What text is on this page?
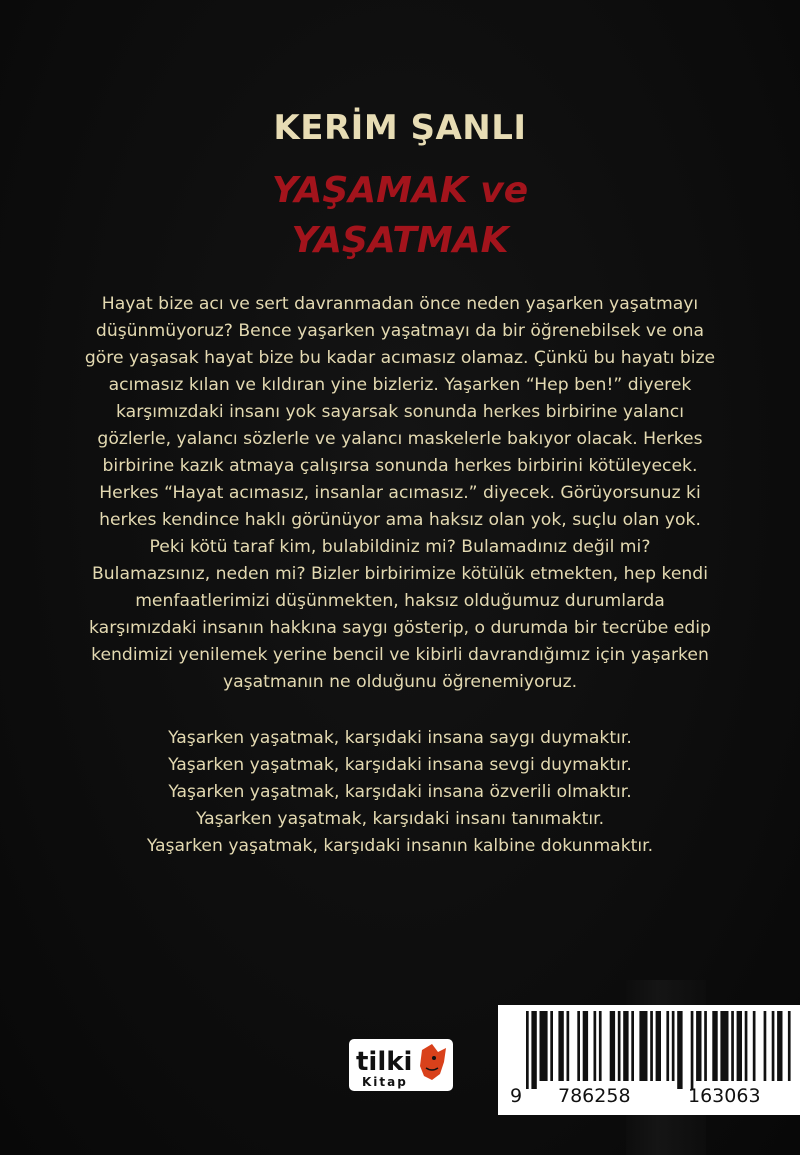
KERİM ŞANLI
YAŞAMAK ve
YAŞATMAK
Hayat bize acı ve sert davranmadan önce neden yaşarken yaşatmayı
düşünmüyoruz? Bence yaşarken yaşatmayı da bir öğrenebilsek ve ona
göre yaşasak hayat bize bu kadar acımasız olamaz. Çünkü bu hayatı bize
acımasız kılan ve kıldıran yine bizleriz. Yaşarken “Hep ben!” diyerek
karşımızdaki insanı yok sayarsak sonunda herkes birbirine yalancı
gözlerle, yalancı sözlerle ve yalancı maskelerle bakıyor olacak. Herkes
birbirine kazık atmaya çalışırsa sonunda herkes birbirini kötüleyecek.
Herkes “Hayat acımasız, insanlar acımasız.” diyecek. Görüyorsunuz ki
herkes kendince haklı görünüyor ama haksız olan yok, suçlu olan yok.
Peki kötü taraf kim, bulabildiniz mi? Bulamadınız değil mi?
Bulamazsınız, neden mi? Bizler birbirimize kötülük etmekten, hep kendi
menfaatlerimizi düşünmekten, haksız olduğumuz durumlarda
karşımızdaki insanın hakkına saygı gösterip, o durumda bir tecrübe edip
kendimizi yenilemek yerine bencil ve kibirli davrandığımız için yaşarken
yaşatmanın ne olduğunu öğrenemiyoruz.
Yaşarken yaşatmak, karşıdaki insana saygı duymaktır.
Yaşarken yaşatmak, karşıdaki insana sevgi duymaktır.
Yaşarken yaşatmak, karşıdaki insana özverili olmaktır.
Yaşarken yaşatmak, karşıdaki insanı tanımaktır.
Yaşarken yaşatmak, karşıdaki insanın kalbine dokunmaktır.
tilki
Kitap
9 786258	163063
